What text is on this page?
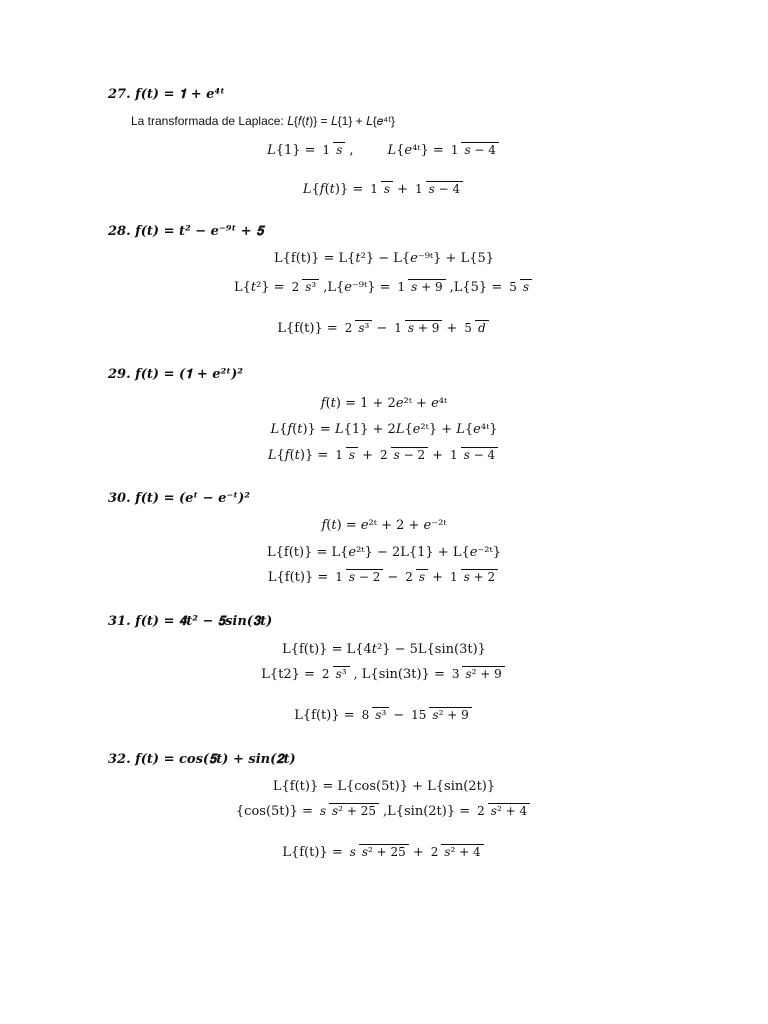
27. 𝒇(𝒕) = 𝟏 + 𝒆⁴ᵗ
La transformada de Laplace: 𝐿{𝑓(𝑡)} = 𝐿{1} + 𝐿{𝑒⁴ᵗ}
𝐿{1} = 1 𝑠 ,	𝐿{𝑒⁴ᵗ} = 1 𝑠 − 4
𝐿{𝑓(𝑡)} = 1 𝑠 + 1 𝑠 − 4
28. 𝒇(𝒕) = 𝒕² − 𝒆⁻⁹ᵗ + 𝟓
L{f(t)} = L{𝑡²} − L{𝑒⁻⁹ᵗ} + L{5}
L{𝑡²} = 2 𝑠³ ,L{𝑒⁻⁹ᵗ} = 1 𝑠 + 9 ,L{5} = 5 𝑠
L{f(t)} = 2 𝑠³ − 1 𝑠 + 9 + 5 𝑑
29. 𝒇(𝒕) = (𝟏 + 𝒆²ᵗ)²
𝑓(𝑡) = 1 + 2𝑒²ᵗ + 𝑒⁴ᵗ
𝐿{𝑓(𝑡)} = 𝐿{1} + 2𝐿{𝑒²ᵗ} + 𝐿{𝑒⁴ᵗ}
𝐿{𝑓(𝑡)} = 1 𝑠 + 2 𝑠 − 2 + 1 𝑠 − 4
30. 𝒇(𝒕) = (𝒆ᵗ − 𝒆⁻ᵗ)²
𝑓(𝑡) = 𝑒²ᵗ + 2 + 𝑒⁻²ᵗ
L{f(t)} = L{𝑒²ᵗ} − 2L{1} + L{𝑒⁻²ᵗ}
L{f(t)} = 1 𝑠 − 2 − 2 𝑠 + 1 𝑠 + 2
31. 𝒇(𝒕) = 𝟒𝒕² − 𝟓𝒔𝒊𝒏(𝟑𝒕)
L{f(t)} = L{4𝑡²} − 5L{sin(3t)}
L{t2} = 2 𝑠³ , L{sin(3t)} = 3 𝑠² + 9
L{f(t)} = 8 𝑠³ − 15 𝑠² + 9
32. 𝒇(𝒕) = 𝒄𝒐𝒔(𝟓𝒕) + 𝒔𝒊𝒏(𝟐𝒕)
L{f(t)} = L{cos(5t)} + L{sin(2t)}
{cos(5t)} = 𝑠 𝑠² + 25 ,L{sin(2t)} = 2 𝑠² + 4
L{f(t)} = 𝑠 𝑠² + 25 + 2 𝑠² + 4
